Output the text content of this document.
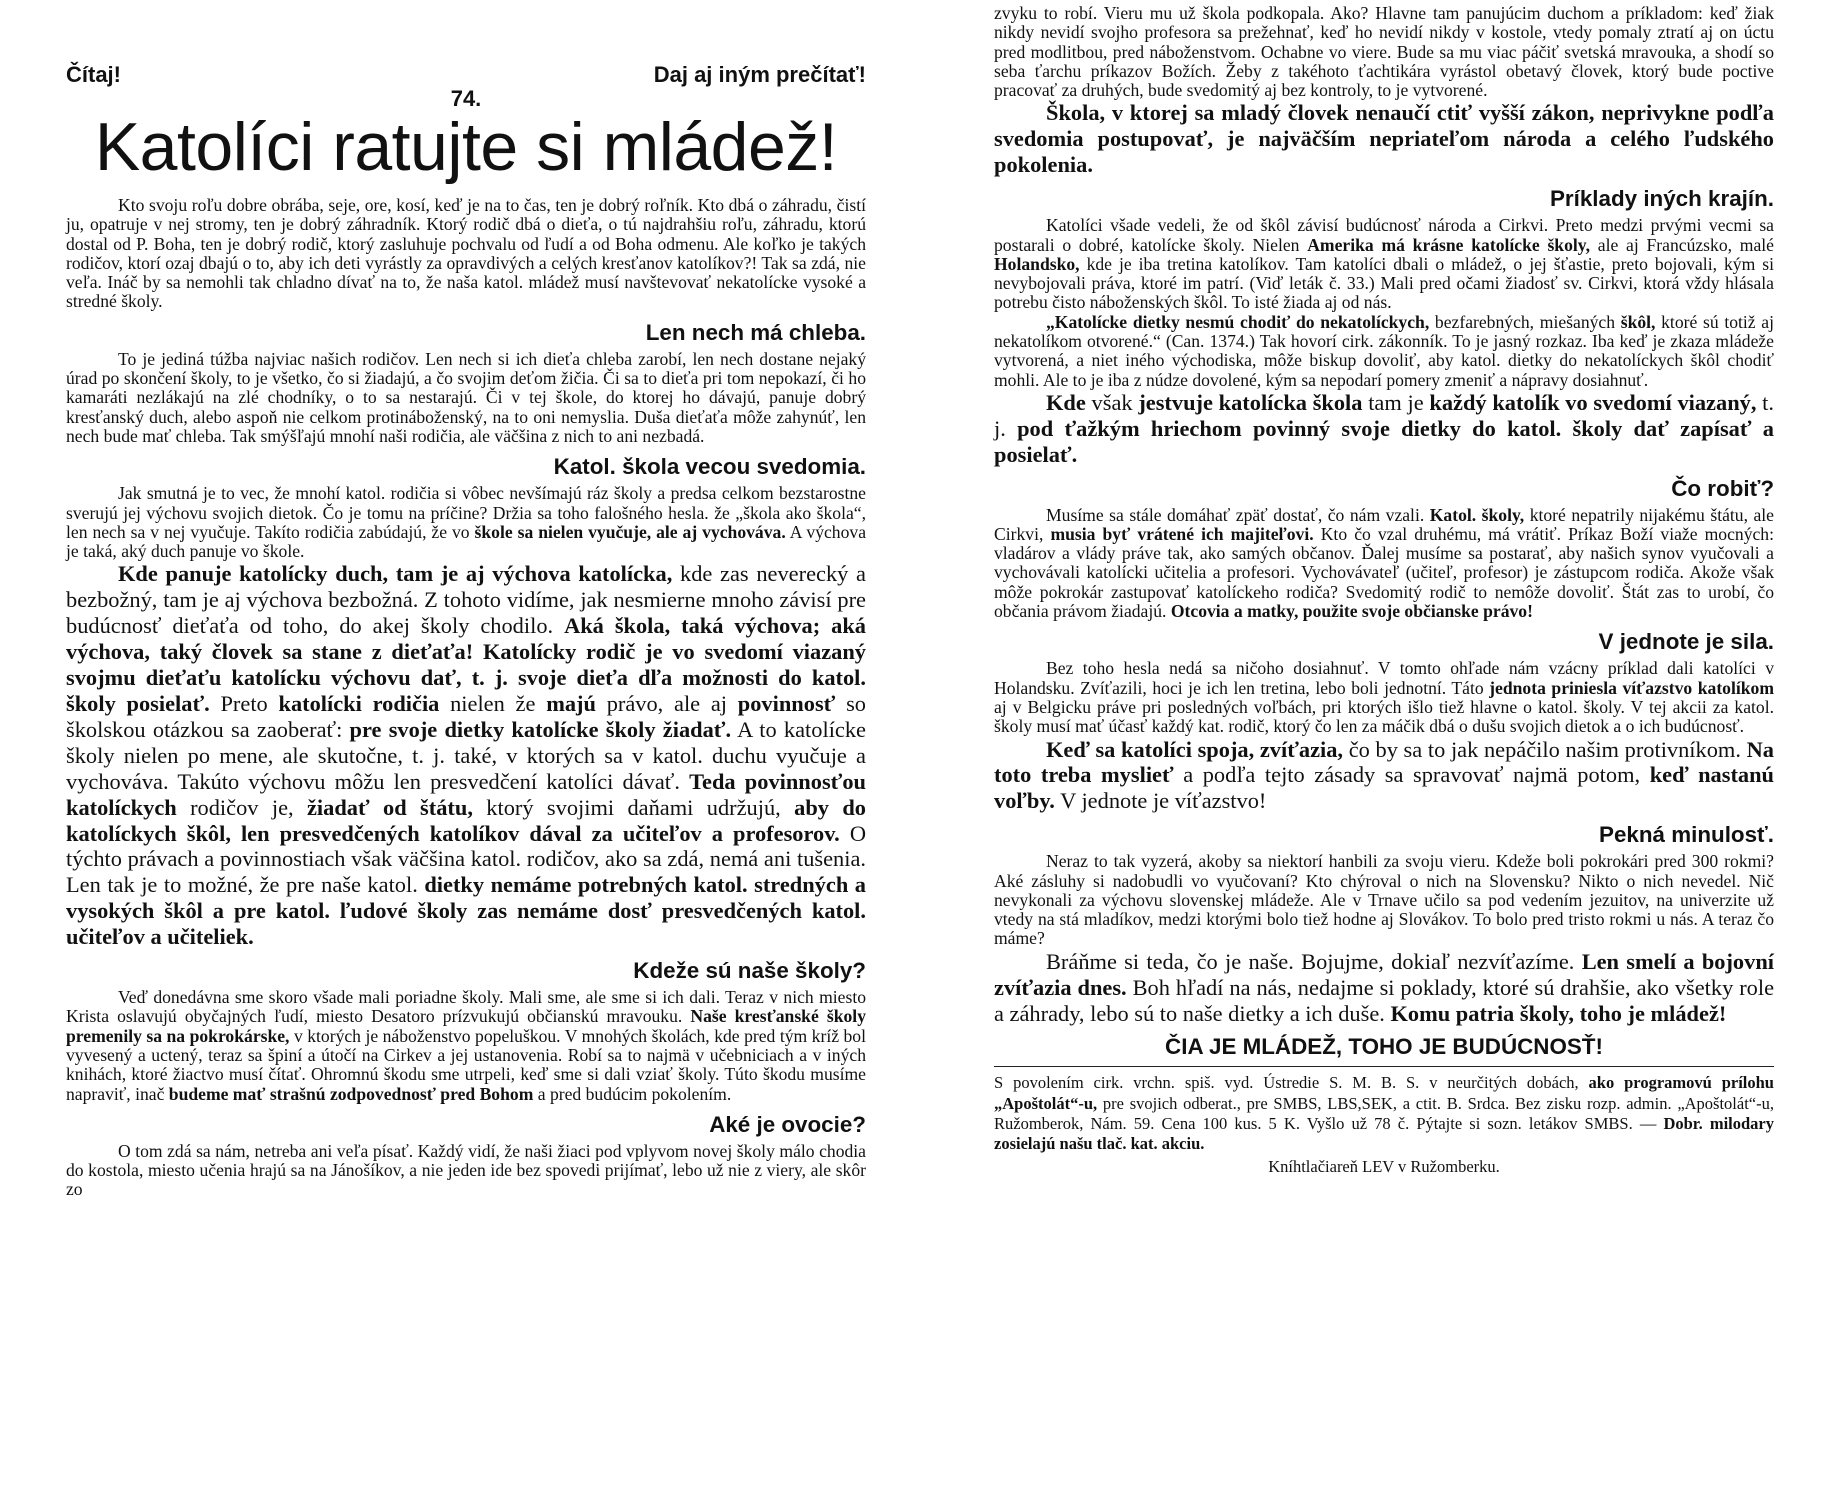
Čítaj!	Daj aj iným prečítať!
74.
Katolíci ratujte si mládež!

Kto svoju roľu dobre obrába, seje, ore, kosí, keď je na to čas, ten je dobrý roľník. Kto dbá o záhradu, čistí ju, opatruje v nej stromy, ten je dobrý záhradník. Ktorý rodič dbá o dieťa, o tú najdrahšiu roľu, záhradu, ktorú dostal od P. Boha, ten je dobrý rodič, ktorý zasluhuje pochvalu od ľudí a od Boha odmenu. Ale koľko je takých rodičov, ktorí ozaj dbajú o to, aby ich deti vyrástly za opravdivých a celých kresťanov katolíkov?! Tak sa zdá, nie veľa. Ináč by sa nemohli tak chladno dívať na to, že naša katol. mládež musí navštevovať nekatolícke vysoké a stredné školy.

Len nech má chleba.

To je jediná túžba najviac našich rodičov. Len nech si ich dieťa chleba zarobí, len nech dostane nejaký úrad po skončení školy, to je všetko, čo si žiadajú, a čo svojim deťom žičia. Či sa to dieťa pri tom nepokazí, či ho kamaráti nezlákajú na zlé chodníky, o to sa nestarajú. Či v tej škole, do ktorej ho dávajú, panuje dobrý kresťanský duch, alebo aspoň nie celkom protináboženský, na to oni nemyslia. Duša dieťaťa môže zahynúť, len nech bude mať chleba. Tak smýšľajú mnohí naši rodičia, ale väčšina z nich to ani nezbadá.

Katol. škola vecou svedomia.

Jak smutná je to vec, že mnohí katol. rodičia si vôbec nevšímajú ráz školy a predsa celkom bezstarostne sverujú jej výchovu svojich dietok. Čo je tomu na príčine? Držia sa toho falošného hesla. že „škola ako škola“, len nech sa v nej vyučuje. Takíto rodičia zabúdajú, že vo škole sa nielen vyučuje, ale aj vychováva. A výchova je taká, aký duch panuje vo škole.

Kde panuje katolícky duch, tam je aj výchova katolícka, kde zas neverecký a bezbožný, tam je aj výchova bezbožná. Z tohoto vidíme, jak nesmierne mnoho závisí pre budúcnosť dieťaťa od toho, do akej školy chodilo. Aká škola, taká výchova; aká výchova, taký človek sa stane z dieťaťa! Katolícky rodič je vo svedomí viazaný svojmu dieťaťu katolícku výchovu dať, t. j. svoje dieťa dľa možnosti do katol. školy posielať. Preto katolícki rodičia nielen že majú právo, ale aj povinnosť so školskou otázkou sa zaoberať: pre svoje dietky katolícke školy žiadať. A to katolícke školy nielen po mene, ale skutočne, t. j. také, v ktorých sa v katol. duchu vyučuje a vychováva. Takúto výchovu môžu len presvedčení katolíci dávať. Teda povinnosťou katolíckych rodičov je, žiadať od štátu, ktorý svojimi daňami udržujú, aby do katolíckych škôl, len presvedčených katolíkov dával za učiteľov a profesorov. O týchto právach a povinnostiach však väčšina katol. rodičov, ako sa zdá, nemá ani tušenia. Len tak je to možné, že pre naše katol. dietky nemáme potrebných katol. stredných a vysokých škôl a pre katol. ľudové školy zas nemáme dosť presvedčených katol. učiteľov a učiteliek.

Kdeže sú naše školy?

Veď donedávna sme skoro všade mali poriadne školy. Mali sme, ale sme si ich dali. Teraz v nich miesto Krista oslavujú obyčajných ľudí, miesto Desatoro prízvukujú občianskú mravouku. Naše kresťanské školy premenily sa na pokrokárske, v ktorých je náboženstvo popeluškou. V mnohých školách, kde pred tým kríž bol vyvesený a uctený, teraz sa špiní a útočí na Cirkev a jej ustanovenia. Robí sa to najmä v učebniciach a v iných knihách, ktoré žiactvo musí čítať. Ohromnú škodu sme utrpeli, keď sme si dali vziať školy. Túto škodu musíme napraviť, inač budeme mať strašnú zodpovednosť pred Bohom a pred budúcim pokolením.

Aké je ovocie?

O tom zdá sa nám, netreba ani veľa písať. Každý vidí, že naši žiaci pod vplyvom novej školy málo chodia do kostola, miesto učenia hrajú sa na Jánošíkov, a nie jeden ide bez spovedi prijímať, lebo už nie z viery, ale skôr zo

zvyku to robí. Vieru mu už škola podkopala. Ako? Hlavne tam panujúcim duchom a príkladom: keď žiak nikdy nevidí svojho profesora sa prežehnať, keď ho nevidí nikdy v kostole, vtedy pomaly ztratí aj on úctu pred modlitbou, pred náboženstvom. Ochabne vo viere. Bude sa mu viac páčiť svetská mravouka, a shodí so seba ťarchu príkazov Božích. Žeby z takéhoto ťachtikára vyrástol obetavý človek, ktorý bude poctive pracovať za druhých, bude svedomitý aj bez kontroly, to je vytvorené.

Škola, v ktorej sa mladý človek nenaučí ctiť vyšší zákon, neprivykne podľa svedomia postupovať, je najväčším nepriateľom národa a celého ľudského pokolenia.

Príklady iných krajín.

Katolíci všade vedeli, že od škôl závisí budúcnosť národa a Cirkvi. Preto medzi prvými vecmi sa postarali o dobré, katolícke školy. Nielen Amerika má krásne katolícke školy, ale aj Francúzsko, malé Holandsko, kde je iba tretina katolíkov. Tam katolíci dbali o mládež, o jej šťastie, preto bojovali, kým si nevybojovali práva, ktoré im patrí. (Viď leták č. 33.) Mali pred očami žiadosť sv. Cirkvi, ktorá vždy hlásala potrebu čisto náboženských škôl. To isté žiada aj od nás.

„Katolícke dietky nesmú chodiť do nekatolíckych, bezfarebných, miešaných škôl, ktoré sú totiž aj nekatolíkom otvorené.“ (Can. 1374.) Tak hovorí cirk. zákonník. To je jasný rozkaz. Iba keď je zkaza mládeže vytvorená, a niet iného východiska, môže biskup dovoliť, aby katol. dietky do nekatolíckych škôl chodiť mohli. Ale to je iba z núdze dovolené, kým sa nepodarí pomery zmeniť a nápravy dosiahnuť.

Kde však jestvuje katolícka škola tam je každý katolík vo svedomí viazaný, t. j. pod ťažkým hriechom povinný svoje dietky do katol. školy dať zapísať a posielať.

Čo robiť?

Musíme sa stále domáhať zpäť dostať, čo nám vzali. Katol. školy, ktoré nepatrily nijakému štátu, ale Cirkvi, musia byť vrátené ich majiteľovi. Kto čo vzal druhému, má vrátiť. Príkaz Boží viaže mocných: vladárov a vlády práve tak, ako samých občanov. Ďalej musíme sa postarať, aby našich synov vyučovali a vychovávali katolícki učitelia a profesori. Vychovávateľ (učiteľ, profesor) je zástupcom rodiča. Akože však môže pokrokár zastupovať katolíckeho rodiča? Svedomitý rodič to nemôže dovoliť. Štát zas to urobí, čo občania právom žiadajú. Otcovia a matky, použite svoje občianske právo!

V jednote je sila.

Bez toho hesla nedá sa ničoho dosiahnuť. V tomto ohľade nám vzácny príklad dali katolíci v Holandsku. Zvíťazili, hoci je ich len tretina, lebo boli jednotní. Táto jednota priniesla víťazstvo katolíkom aj v Belgicku práve pri posledných voľbách, pri ktorých išlo tiež hlavne o katol. školy. V tej akcii za katol. školy musí mať účasť každý kat. rodič, ktorý čo len za máčik dbá o dušu svojich dietok a o ich budúcnosť.

Keď sa katolíci spoja, zvíťazia, čo by sa to jak nepáčilo našim protivníkom. Na toto treba myslieť a podľa tejto zásady sa spravovať najmä potom, keď nastanú voľby. V jednote je víťazstvo!

Pekná minulosť.

Neraz to tak vyzerá, akoby sa niektorí hanbili za svoju vieru. Kdeže boli pokrokári pred 300 rokmi? Aké zásluhy si nadobudli vo vyučovaní? Kto chýroval o nich na Slovensku? Nikto o nich nevedel. Nič nevykonali za výchovu slovenskej mládeže. Ale v Trnave učilo sa pod vedením jezuitov, na univerzite už vtedy na stá mladíkov, medzi ktorými bolo tiež hodne aj Slovákov. To bolo pred tristo rokmi u nás. A teraz čo máme?

Bráňme si teda, čo je naše. Bojujme, dokiaľ nezvíťazíme. Len smelí a bojovní zvíťazia dnes. Boh hľadí na nás, nedajme si poklady, ktoré sú drahšie, ako všetky role a záhrady, lebo sú to naše dietky a ich duše. Komu patria školy, toho je mládež!

ČIA JE MLÁDEŽ, TOHO JE BUDÚCNOSŤ!

S povolením cirk. vrchn. spiš. vyd. Ústredie S. M. B. S. v neurčitých dobách, ako programovú prílohu „Apoštolát“-u, pre svojich odberat., pre SMBS, LBS,SEK, a ctit. B. Srdca. Bez zisku rozp. admin. „Apoštolát“-u, Ružomberok, Nám. 59. Cena 100 kus. 5 K. Vyšlo už 78 č. Pýtajte si sozn. letákov SMBS. — Dobr. milodary zosielajú našu tlač. kat. akciu.

Kníhtlačiareň LEV v Ružomberku.
